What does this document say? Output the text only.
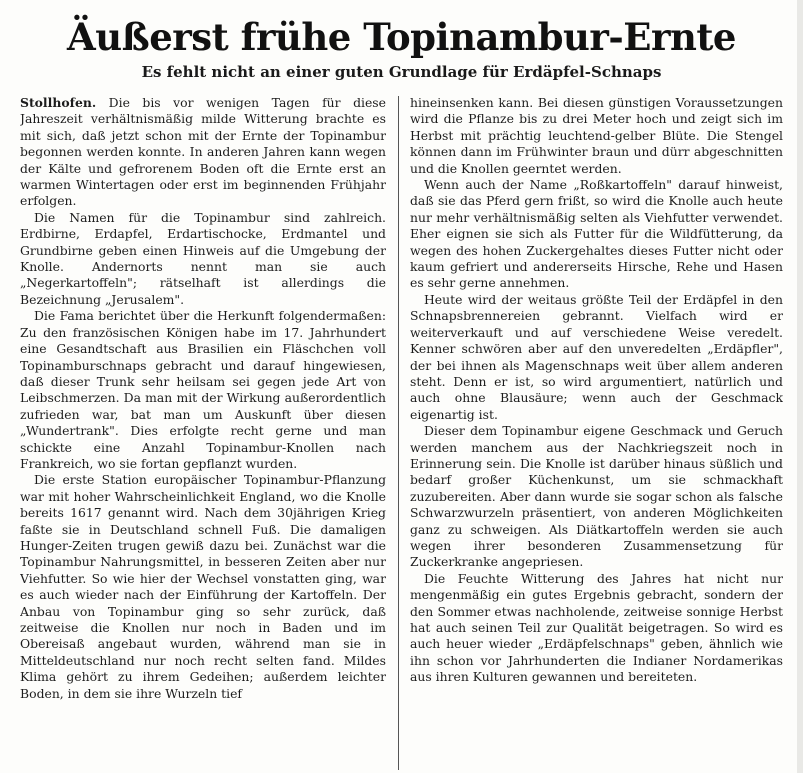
Äußerst frühe Topinambur-Ernte
Es fehlt nicht an einer guten Grundlage für Erdäpfel-Schnaps

Stollhofen. Die bis vor wenigen Tagen für diese Jahreszeit verhältnismäßig milde Witterung brachte es mit sich, daß jetzt schon mit der Ernte der Topinambur begonnen werden konnte. In anderen Jahren kann wegen der Kälte und gefrorenem Boden oft die Ernte erst an warmen Wintertagen oder erst im beginnenden Frühjahr erfolgen.

Die Namen für die Topinambur sind zahlreich. Erdbirne, Erdapfel, Erdartischocke, Erdmantel und Grundbirne geben einen Hinweis auf die Umgebung der Knolle. Andernorts nennt man sie auch „Negerkartoffeln"; rätselhaft ist allerdings die Bezeichnung „Jerusalem".

Die Fama berichtet über die Herkunft folgendermaßen: Zu den französischen Königen habe im 17. Jahrhundert eine Gesandtschaft aus Brasilien ein Fläschchen voll Topinamburschnaps gebracht und darauf hingewiesen, daß dieser Trunk sehr heilsam sei gegen jede Art von Leibschmerzen. Da man mit der Wirkung außerordentlich zufrieden war, bat man um Auskunft über diesen „Wundertrank". Dies erfolgte recht gerne und man schickte eine Anzahl Topinambur-Knollen nach Frankreich, wo sie fortan gepflanzt wurden.

Die erste Station europäischer Topinambur-Pflanzung war mit hoher Wahrscheinlichkeit England, wo die Knolle bereits 1617 genannt wird. Nach dem 30jährigen Krieg faßte sie in Deutschland schnell Fuß. Die damaligen Hunger-Zeiten trugen gewiß dazu bei. Zunächst war die Topinambur Nahrungsmittel, in besseren Zeiten aber nur Viehfutter. So wie hier der Wechsel vonstatten ging, war es auch wieder nach der Einführung der Kartoffeln. Der Anbau von Topinambur ging so sehr zurück, daß zeitweise die Knollen nur noch in Baden und im Obereisaß angebaut wurden, während man sie in Mitteldeutschland nur noch recht selten fand. Mildes Klima gehört zu ihrem Gedeihen; außerdem leichter Boden, in dem sie ihre Wurzeln tief

hineinsenken kann. Bei diesen günstigen Voraussetzungen wird die Pflanze bis zu drei Meter hoch und zeigt sich im Herbst mit prächtig leuchtend-gelber Blüte. Die Stengel können dann im Frühwinter braun und dürr abgeschnitten und die Knollen geerntet werden.

Wenn auch der Name „Roßkartoffeln" darauf hinweist, daß sie das Pferd gern frißt, so wird die Knolle auch heute nur mehr verhältnismäßig selten als Viehfutter verwendet. Eher eignen sie sich als Futter für die Wildfütterung, da wegen des hohen Zuckergehaltes dieses Futter nicht oder kaum gefriert und andererseits Hirsche, Rehe und Hasen es sehr gerne annehmen.

Heute wird der weitaus größte Teil der Erdäpfel in den Schnapsbrennereien gebrannt. Vielfach wird er weiterverkauft und auf verschiedene Weise veredelt. Kenner schwören aber auf den unveredelten „Erdäpfler", der bei ihnen als Magenschnaps weit über allem anderen steht. Denn er ist, so wird argumentiert, natürlich und auch ohne Blausäure; wenn auch der Geschmack eigenartig ist.

Dieser dem Topinambur eigene Geschmack und Geruch werden manchem aus der Nachkriegszeit noch in Erinnerung sein. Die Knolle ist darüber hinaus süßlich und bedarf großer Küchenkunst, um sie schmackhaft zuzubereiten. Aber dann wurde sie sogar schon als falsche Schwarzwurzeln präsentiert, von anderen Möglichkeiten ganz zu schweigen. Als Diätkartoffeln werden sie auch wegen ihrer besonderen Zusammensetzung für Zuckerkranke angepriesen.

Die Feuchte Witterung des Jahres hat nicht nur mengenmäßig ein gutes Ergebnis gebracht, sondern der den Sommer etwas nachholende, zeitweise sonnige Herbst hat auch seinen Teil zur Qualität beigetragen. So wird es auch heuer wieder „Erdäpfelschnaps" geben, ähnlich wie ihn schon vor Jahrhunderten die Indianer Nordamerikas aus ihren Kulturen gewannen und bereiteten.
